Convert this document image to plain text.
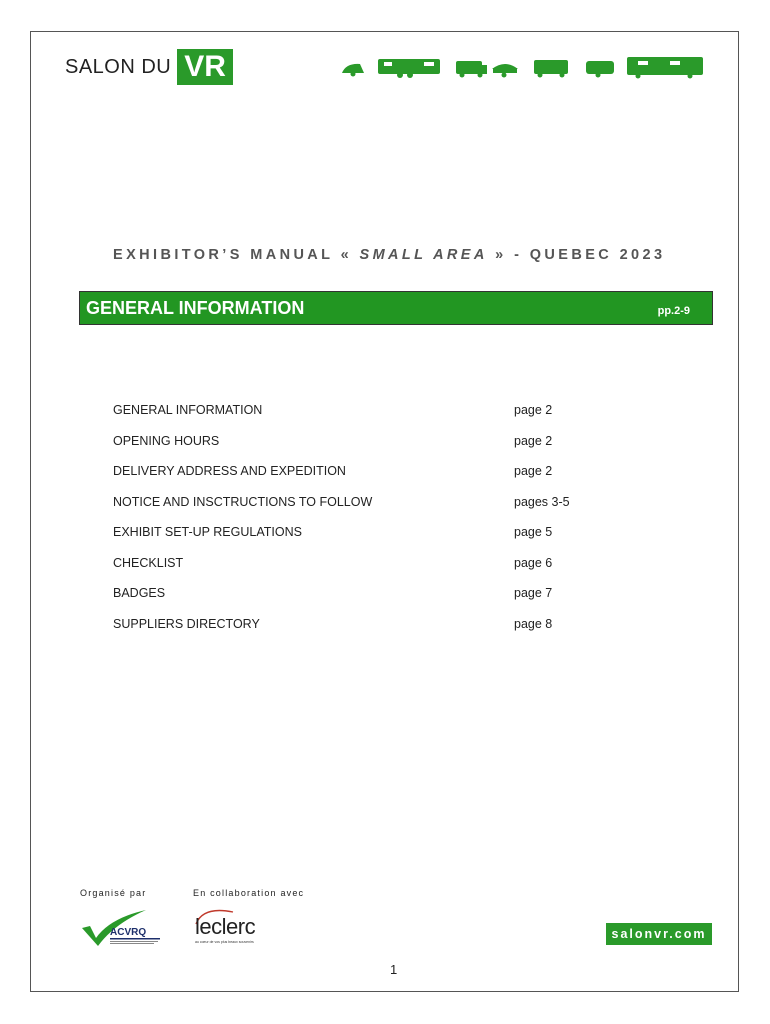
SALON DU VR
EXHIBITOR’S MANUAL « SMALL AREA » - QUEBEC 2023
GENERAL INFORMATION	pp.2-9
GENERAL INFORMATION	page 2
OPENING HOURS	page 2
DELIVERY ADDRESS AND EXPEDITION	page 2
NOTICE AND INSCTRUCTIONS TO FOLLOW	pages 3-5
EXHIBIT SET-UP REGULATIONS	page 5
CHECKLIST	page 6
BADGES	page 7
SUPPLIERS DIRECTORY	page 8
Organisé par	En collaboration avec
ACVRQ leclerc
au coeur de vos plus beaux souvenirs
salonvr.com
1
